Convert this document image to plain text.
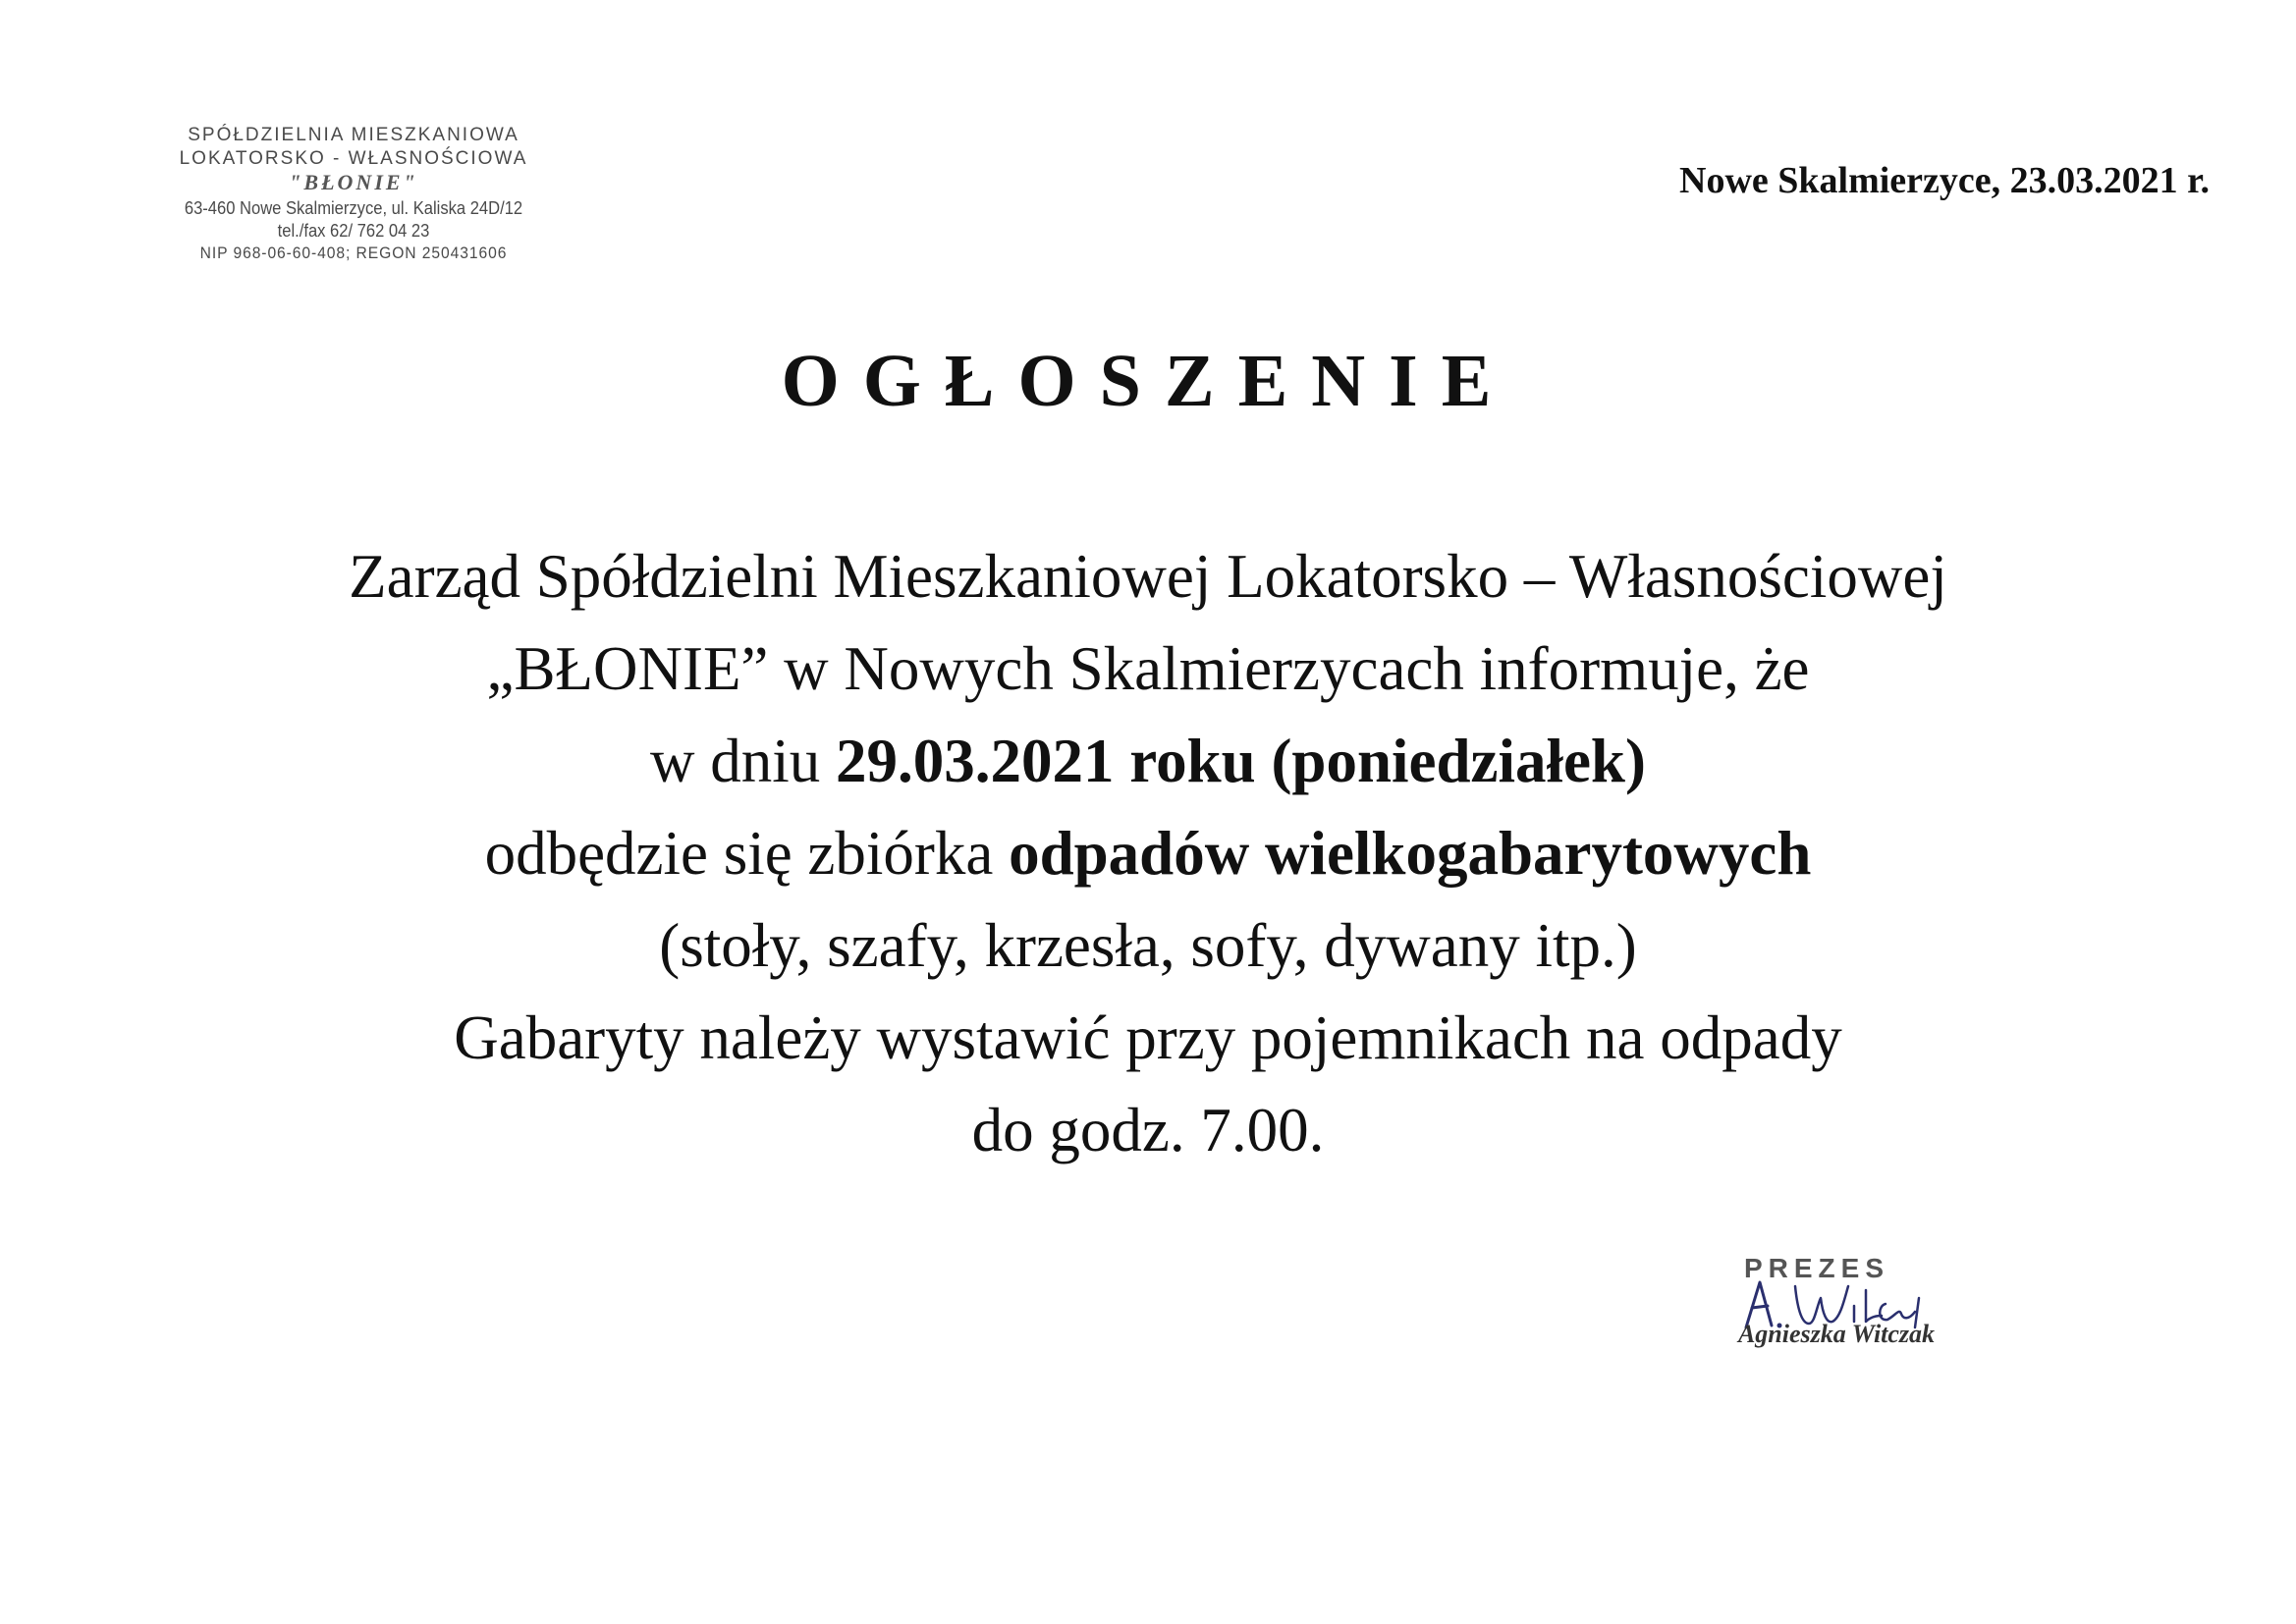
SPÓŁDZIELNIA MIESZKANIOWA
LOKATORSKO - WŁASNOŚCIOWA
"BŁONIE"
63-460 Nowe Skalmierzyce, ul. Kaliska 24D/12
tel./fax 62/ 762 04 23
NIP 968-06-60-408; REGON 250431606
Nowe Skalmierzyce, 23.03.2021 r.
OGŁOSZENIE

Zarząd Spółdzielni Mieszkaniowej Lokatorsko – Własnościowej

„BŁONIE” w Nowych Skalmierzycach informuje, że

w dniu 29.03.2021 roku (poniedziałek)

odbędzie się zbiórka odpadów wielkogabarytowych

(stoły, szafy, krzesła, sofy, dywany itp.)

Gabaryty należy wystawić przy pojemnikach na odpady

do godz. 7.00.

PREZES
Agnieszka Witczak
